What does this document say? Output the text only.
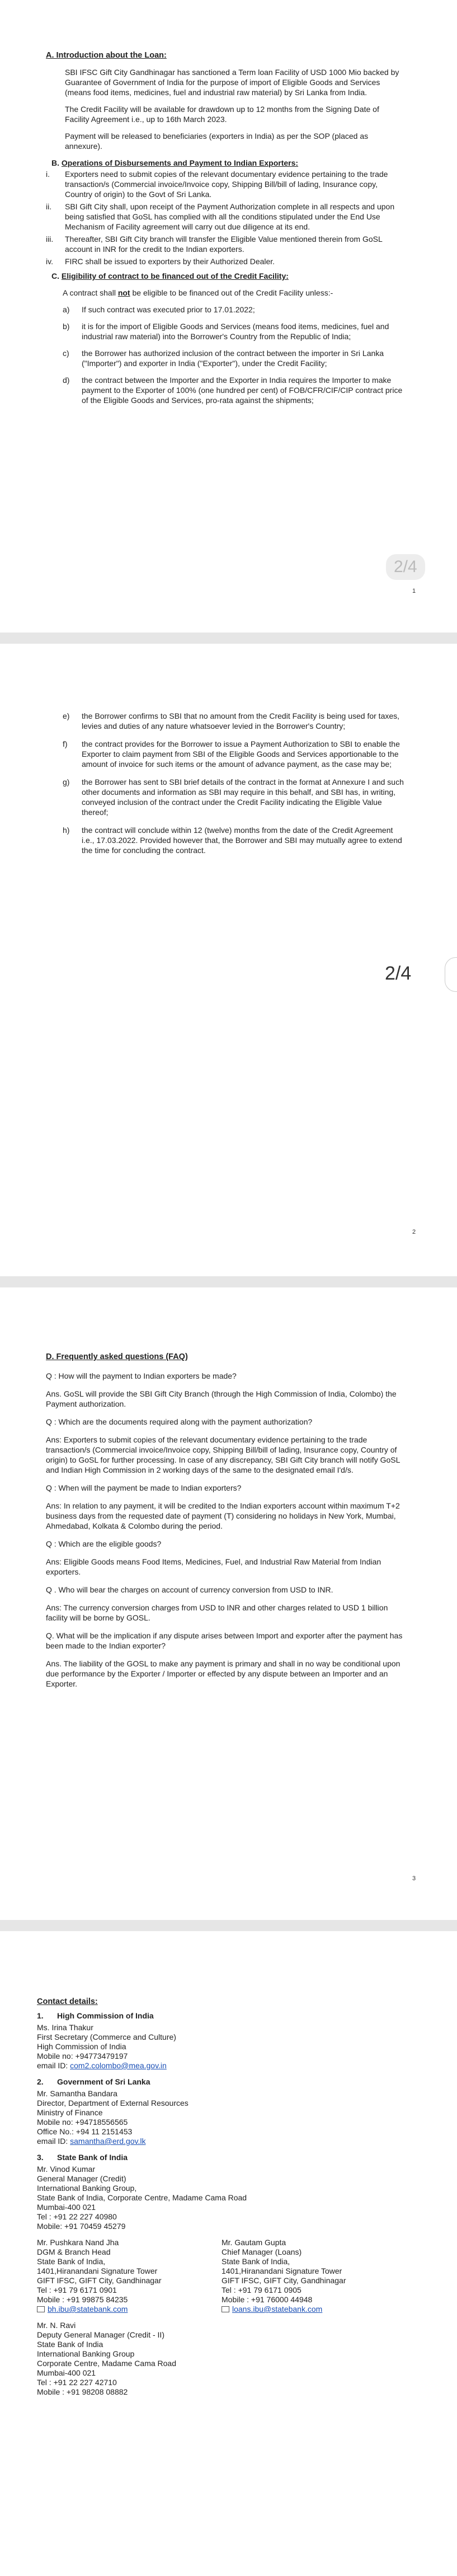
A. Introduction about the Loan:

SBI IFSC Gift City Gandhinagar has sanctioned a Term loan Facility of USD 1000 Mio backed by Guarantee of Government of India for the purpose of import of Eligible Goods and Services (means food items, medicines, fuel and industrial raw material) by Sri Lanka from India.

The Credit Facility will be available for drawdown up to 12 months from the Signing Date of Facility Agreement i.e., up to 16th March 2023.

Payment will be released to beneficiaries (exporters in India) as per the SOP (placed as annexure).

B. Operations of Disbursements and Payment to Indian Exporters:
i.	Exporters need to submit copies of the relevant documentary evidence pertaining to the trade transaction/s (Commercial invoice/Invoice copy, Shipping Bill/bill of lading, Insurance copy, Country of origin) to the Govt of Sri Lanka.
ii.	SBI Gift City shall, upon receipt of the Payment Authorization complete in all respects and upon being satisfied that GoSL has complied with all the conditions stipulated under the End Use Mechanism of Facility agreement will carry out due diligence at its end.
iii.	Thereafter, SBI Gift City branch will transfer the Eligible Value mentioned therein from GoSL account in INR for the credit to the Indian exporters.
iv.	FIRC shall be issued to exporters by their Authorized Dealer.
C. Eligibility of contract to be financed out of the Credit Facility:

A contract shall not be eligible to be financed out of the Credit Facility unless:-

a)	If such contract was executed prior to 17.01.2022;
b)	it is for the import of Eligible Goods and Services (means food items, medicines, fuel and industrial raw material) into the Borrower's Country from the Republic of India;
c)	the Borrower has authorized inclusion of the contract between the importer in Sri Lanka ("Importer") and exporter in India ("Exporter"), under the Credit Facility;
d)	the contract between the Importer and the Exporter in India requires the Importer to make payment to the Exporter of 100% (one hundred per cent) of FOB/CFR/CIF/CIP contract price of the Eligible Goods and Services, pro-rata against the shipments;
2/4
1
e)	the Borrower confirms to SBI that no amount from the Credit Facility is being used for taxes, levies and duties of any nature whatsoever levied in the Borrower's Country;
f)	the contract provides for the Borrower to issue a Payment Authorization to SBI to enable the Exporter to claim payment from SBI of the Eligible Goods and Services apportionable to the amount of invoice for such items or the amount of advance payment, as the case may be;
g)	the Borrower has sent to SBI brief details of the contract in the format at Annexure I and such other documents and information as SBI may require in this behalf, and SBI has, in writing, conveyed inclusion of the contract under the Credit Facility indicating the Eligible Value thereof;
h)	the contract will conclude within 12 (twelve) months from the date of the Credit Agreement i.e., 17.03.2022. Provided however that, the Borrower and SBI may mutually agree to extend the time for concluding the contract.
2/4
2
D. Frequently asked questions (FAQ)

Q : How will the payment to Indian exporters be made?

Ans. GoSL will provide the SBI Gift City Branch (through the High Commission of India, Colombo) the Payment authorization.

Q : Which are the documents required along with the payment authorization?

Ans: Exporters to submit copies of the relevant documentary evidence pertaining to the trade transaction/s (Commercial invoice/Invoice copy, Shipping Bill/bill of lading, Insurance copy, Country of origin) to GoSL for further processing. In case of any discrepancy, SBI Gift City branch will notify GoSL and Indian High Commission in 2 working days of the same to the designated email I'd/s.

Q : When will the payment be made to Indian exporters?

Ans: In relation to any payment, it will be credited to the Indian exporters account within maximum T+2 business days from the requested date of payment (T) considering no holidays in New York, Mumbai, Ahmedabad, Kolkata & Colombo during the period.

Q : Which are the eligible goods?

Ans: Eligible Goods means Food Items, Medicines, Fuel, and Industrial Raw Material from Indian exporters.

Q . Who will bear the charges on account of currency conversion from USD to INR.

Ans: The currency conversion charges from USD to INR and other charges related to USD 1 billion facility will be borne by GOSL.

Q. What will be the implication if any dispute arises between Import and exporter after the payment has been made to the Indian exporter?

Ans. The liability of the GOSL to make any payment is primary and shall in no way be conditional upon due performance by the Exporter / Importer or effected by any dispute between an Importer and an Exporter.

3
Contact details:
1. High Commission of India
Ms. Irina Thakur
First Secretary (Commerce and Culture)
High Commission of India
Mobile no: +94773479197
email ID: com2.colombo@mea.gov.in
2. Government of Sri Lanka
Mr. Samantha Bandara
Director, Department of External Resources
Ministry of Finance
Mobile no: +94718556565
Office No.: +94 11 2151453
email ID: samantha@erd.gov.lk
3. State Bank of India
Mr. Vinod Kumar
General Manager (Credit)
International Banking Group,
State Bank of India, Corporate Centre, Madame Cama Road
Mumbai-400 021
Tel : +91 22 227 40980
Mobile: +91 70459 45279
Mr. Pushkara Nand Jha
DGM & Branch Head
State Bank of India,
1401,Hiranandani Signature Tower
GIFT IFSC, GIFT City, Gandhinagar
Tel : +91 79 6171 0901
Mobile : +91 99875 84235
bh.ibu@statebank.com
Mr. Gautam Gupta
Chief Manager (Loans)
State Bank of India,
1401,Hiranandani Signature Tower
GIFT IFSC, GIFT City, Gandhinagar
Tel : +91 79 6171 0905
Mobile : +91 76000 44948
loans.ibu@statebank.com
Mr. N. Ravi
Deputy General Manager (Credit - II)
State Bank of India
International Banking Group
Corporate Centre, Madame Cama Road
Mumbai-400 021
Tel : +91 22 227 42710
Mobile : +91 98208 08882
